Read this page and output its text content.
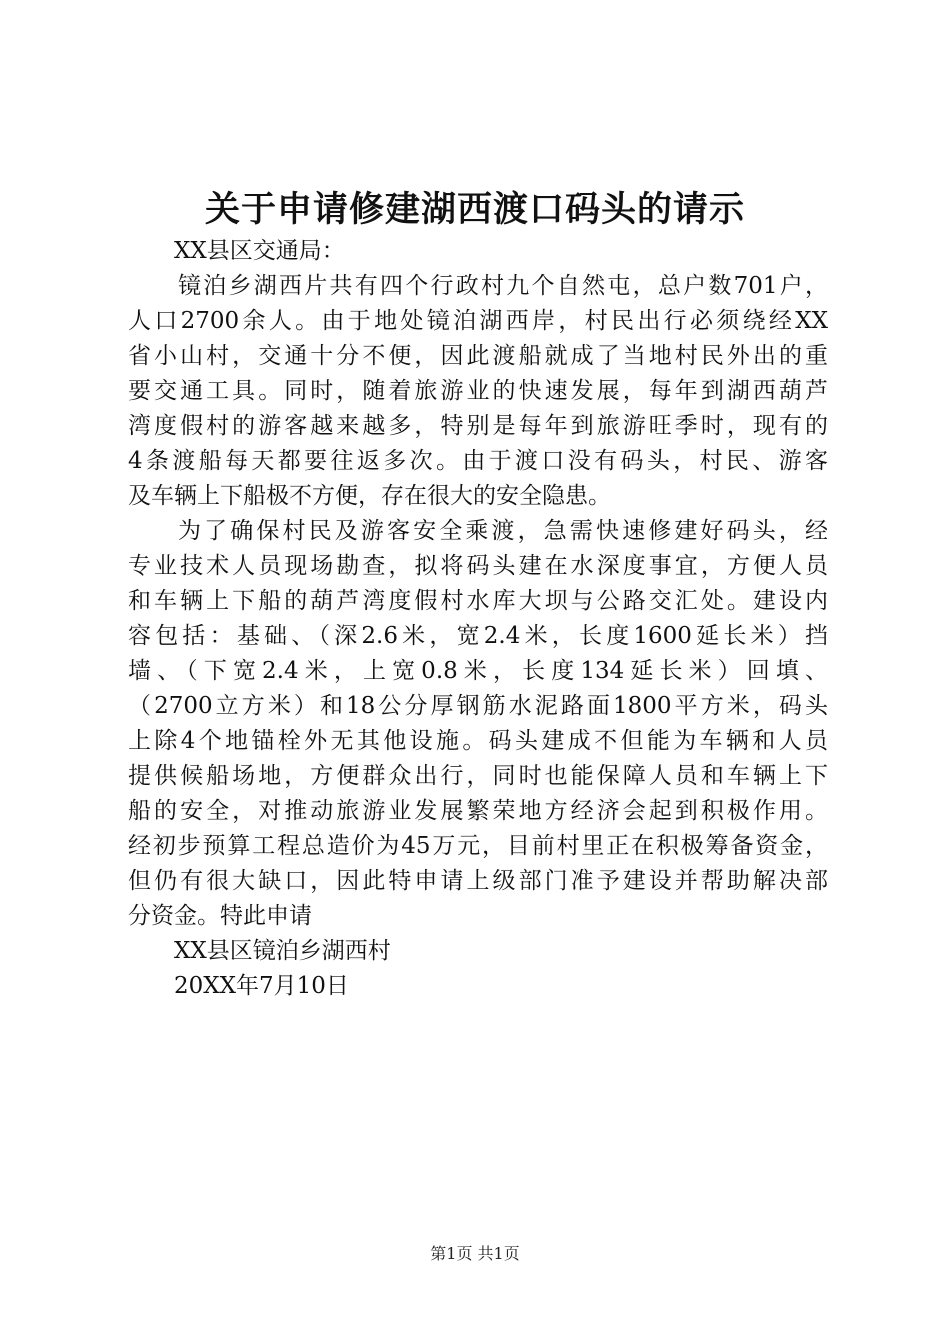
关于申请修建湖西渡口码头的请示
XX县区交通局：
镜泊乡湖西片共有四个行政村九个自然屯，总户数701户，
人口2700余人。由于地处镜泊湖西岸，村民出行必须绕经XX
省小山村，交通十分不便，因此渡船就成了当地村民外出的重
要交通工具。同时，随着旅游业的快速发展，每年到湖西葫芦
湾度假村的游客越来越多，特别是每年到旅游旺季时，现有的
4条渡船每天都要往返多次。由于渡口没有码头，村民、游客
及车辆上下船极不方便，存在很大的安全隐患。
为了确保村民及游客安全乘渡，急需快速修建好码头，经
专业技术人员现场勘查，拟将码头建在水深度事宜，方便人员
和车辆上下船的葫芦湾度假村水库大坝与公路交汇处。建设内
容包括：基础、（深2.6米，宽2.4米，长度1600延长米）挡
墙、（下宽2.4米，上宽0.8米，长度134延长米）回填、
（2700立方米）和18公分厚钢筋水泥路面1800平方米，码头
上除4个地锚栓外无其他设施。码头建成不但能为车辆和人员
提供候船场地，方便群众出行，同时也能保障人员和车辆上下
船的安全，对推动旅游业发展繁荣地方经济会起到积极作用。
经初步预算工程总造价为45万元，目前村里正在积极筹备资金，
但仍有很大缺口，因此特申请上级部门准予建设并帮助解决部
分资金。特此申请
XX县区镜泊乡湖西村
20XX年7月10日
第1页 共1页
